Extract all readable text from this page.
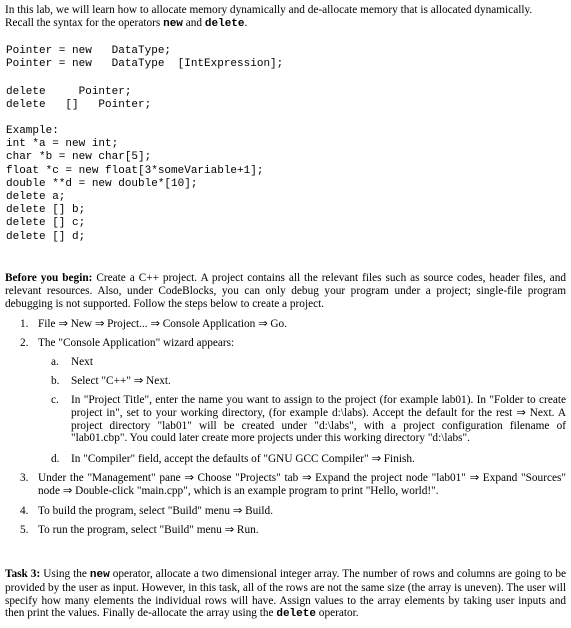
In this lab, we will learn how to allocate memory dynamically and de-allocate memory that is allocated dynamically.
Recall the syntax for the operators new and delete.
Pointer = new   DataType;
Pointer = new   DataType  [IntExpression];
delete     Pointer;
delete   []   Pointer;
Example:
int *a = new int;
char *b = new char[5];
float *c = new float[3*someVariable+1];
double **d = new double*[10];
delete a;
delete [] b;
delete [] c;
delete [] d;
Before you begin: Create a C++ project. A project contains all the relevant files such as source codes, header files, and relevant resources. Also, under CodeBlocks, you can only debug your program under a project; single-file program debugging is not supported. Follow the steps below to create a project.
1. File ⇒ New ⇒ Project... ⇒ Console Application ⇒ Go.
2. The "Console Application" wizard appears:
a. Next
b. Select "C++" ⇒ Next.
c. In "Project Title", enter the name you want to assign to the project (for example lab01). In "Folder to create project in", set to your working directory, (for example d:\labs). Accept the default for the rest ⇒ Next. A project directory "lab01" will be created under "d:\labs", with a project configuration filename of "lab01.cbp". You could later create more projects under this working directory "d:\labs".
d. In "Compiler" field, accept the defaults of "GNU GCC Compiler" ⇒ Finish.
3. Under the "Management" pane ⇒ Choose "Projects" tab ⇒ Expand the project node "lab01" ⇒ Expand "Sources" node ⇒ Double-click "main.cpp", which is an example program to print "Hello, world!".
4. To build the program, select "Build" menu ⇒ Build.
5. To run the program, select "Build" menu ⇒ Run.
Task 3: Using the new operator, allocate a two dimensional integer array. The number of rows and columns are going to be provided by the user as input. However, in this task, all of the rows are not the same size (the array is uneven). The user will specify how many elements the individual rows will have. Assign values to the array elements by taking user inputs and then print the values. Finally de-allocate the array using the delete operator.
